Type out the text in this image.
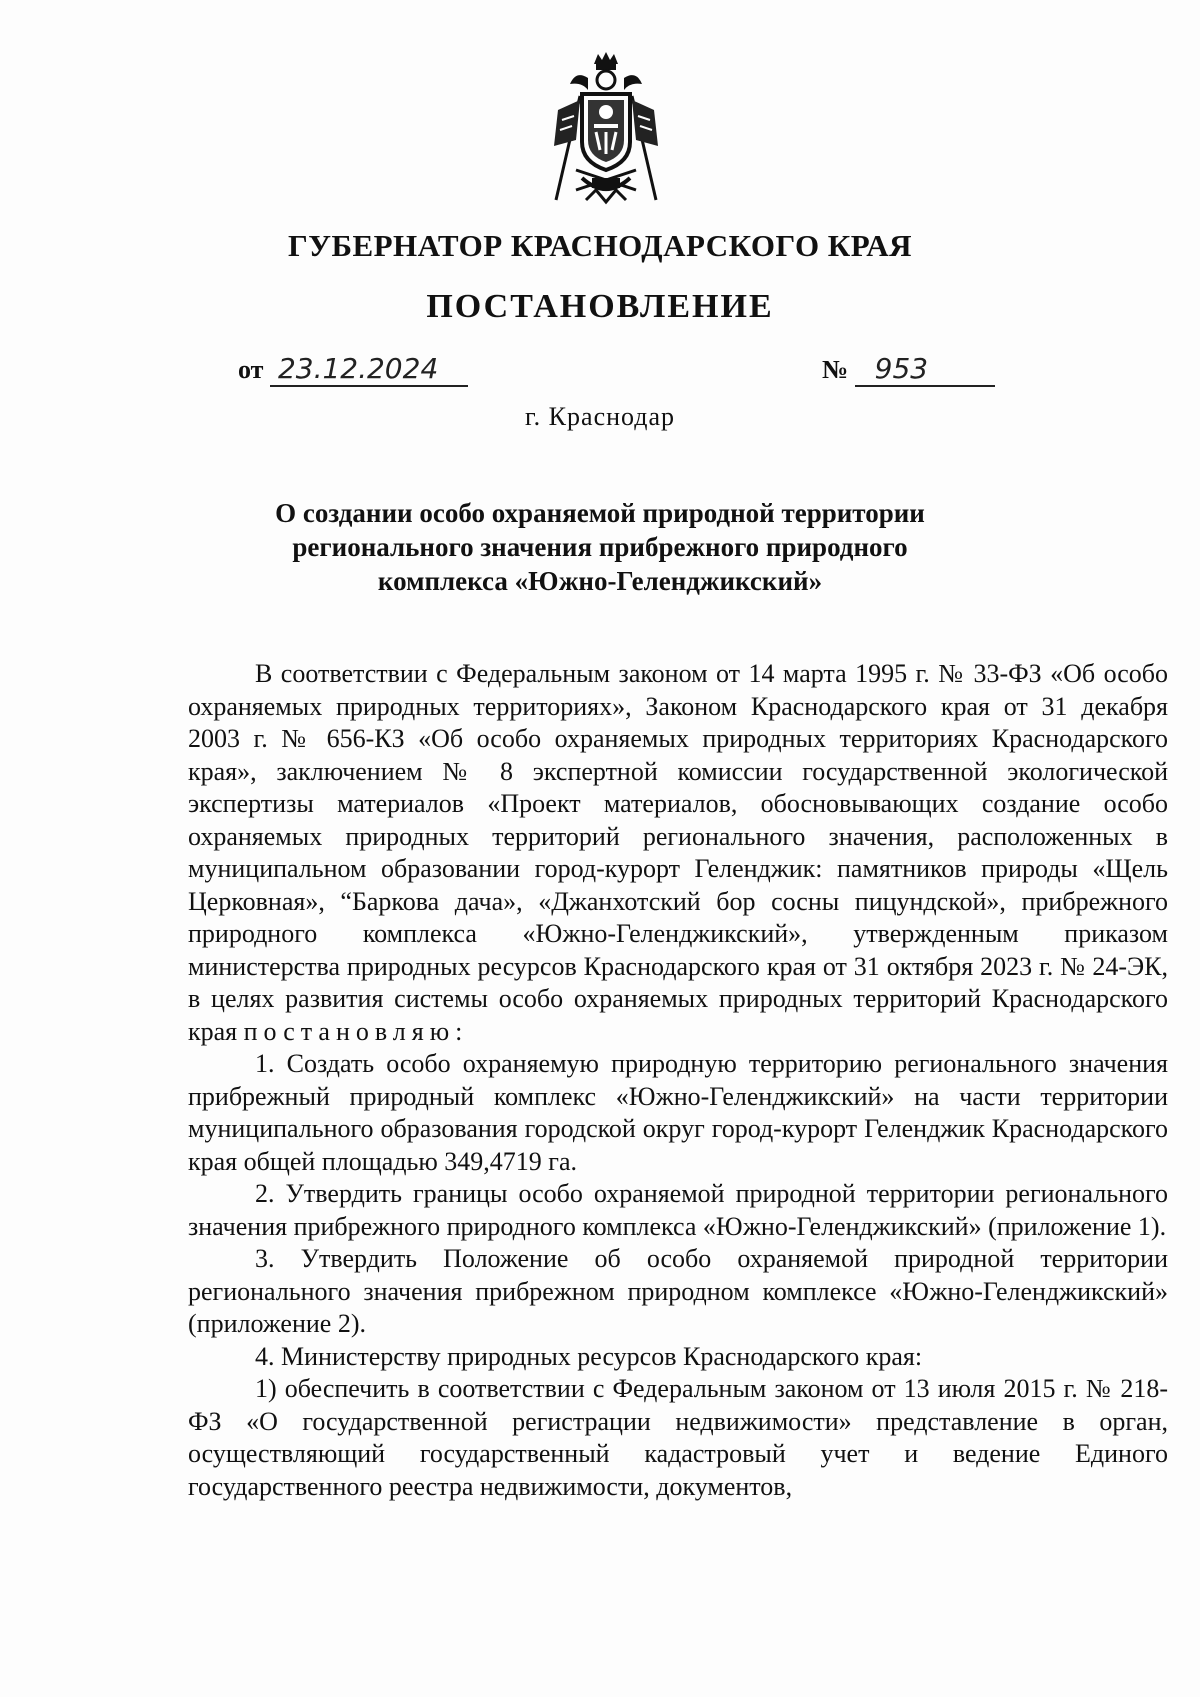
ГУБЕРНАТОР КРАСНОДАРСКОГО КРАЯ
ПОСТАНОВЛЕНИЕ
от 23.12.2024	№ 953
г. Краснодар
О создании особо охраняемой природной территории
регионального значения прибрежного природного
комплекса «Южно-Геленджикский»

В соответствии с Федеральным законом от 14 марта 1995 г. № 33-ФЗ «Об особо охраняемых природных территориях», Законом Краснодарского края от 31 декабря 2003 г. № 656-КЗ «Об особо охраняемых природных территориях Краснодарского края», заключением № 8 экспертной комиссии государственной экологической экспертизы материалов «Проект материалов, обосновывающих создание особо охраняемых природных территорий регионального значения, расположенных в муниципальном образовании город-курорт Геленджик: памятников природы «Щель Церковная», “Баркова дача», «Джанхотский бор сосны пицундской», прибрежного природного комплекса «Южно-Геленджикский», утвержденным приказом министерства природных ресурсов Краснодарского края от 31 октября 2023 г. № 24-ЭК, в целях развития системы особо охраняемых природных территорий Краснодарского края постановляю:

1. Создать особо охраняемую природную территорию регионального значения прибрежный природный комплекс «Южно-Геленджикский» на части территории муниципального образования городской округ город-курорт Геленджик Краснодарского края общей площадью 349,4719 га.

2. Утвердить границы особо охраняемой природной территории регионального значения прибрежного природного комплекса «Южно-Геленджикский» (приложение 1).

3. Утвердить Положение об особо охраняемой природной территории регионального значения прибрежном природном комплексе «Южно-Геленджикский» (приложение 2).

4. Министерству природных ресурсов Краснодарского края:

1) обеспечить в соответствии с Федеральным законом от 13 июля 2015 г. № 218-ФЗ «О государственной регистрации недвижимости» представление в орган, осуществляющий государственный кадастровый учет и ведение Единого государственного реестра недвижимости, документов,
